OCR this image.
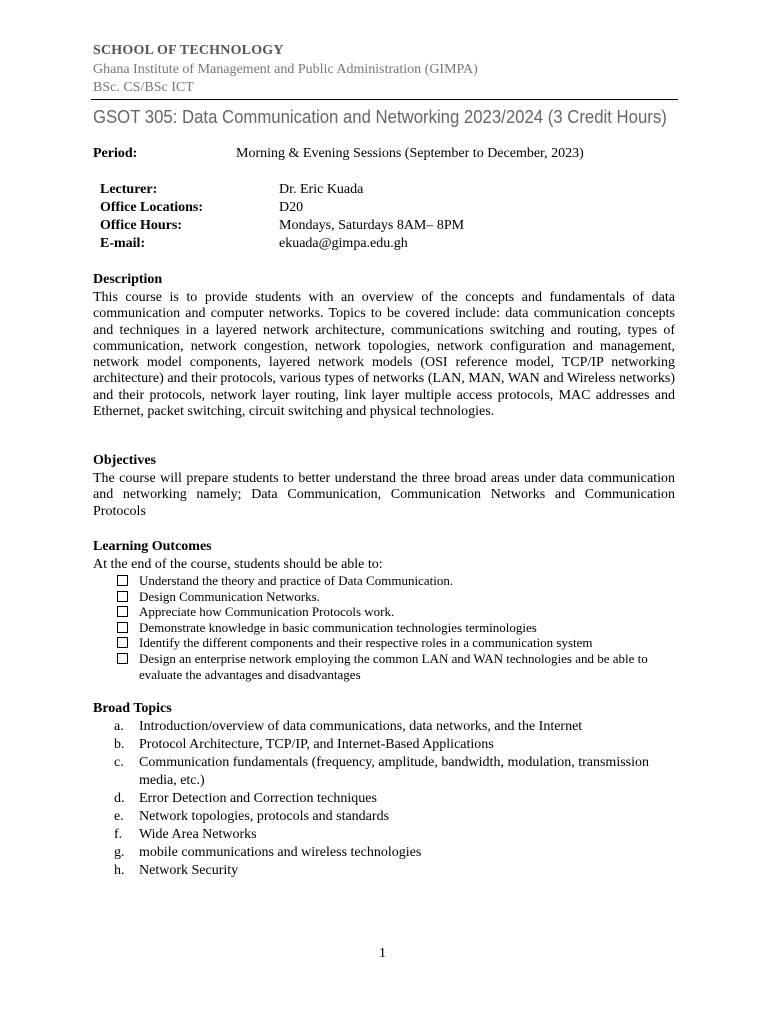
SCHOOL OF TECHNOLOGY
Ghana Institute of Management and Public Administration (GIMPA)
BSc. CS/BSc ICT
GSOT 305: Data Communication and Networking 2023/2024 (3 Credit Hours)
Period:	Morning & Evening Sessions (September to December, 2023)
Lecturer:	Dr. Eric Kuada
Office Locations:	D20
Office Hours:	Mondays, Saturdays 8AM– 8PM
E-mail:	ekuada@gimpa.edu.gh
Description
This course is to provide students with an overview of the concepts and fundamentals of data communication and computer networks. Topics to be covered include: data communication concepts and techniques in a layered network architecture, communications switching and routing, types of communication, network congestion, network topologies, network configuration and management, network model components, layered network models (OSI reference model, TCP/IP networking architecture) and their protocols, various types of networks (LAN, MAN, WAN and Wireless networks) and their protocols, network layer routing, link layer multiple access protocols, MAC addresses and Ethernet, packet switching, circuit switching and physical technologies.
Objectives
The course will prepare students to better understand the three broad areas under data communication and networking namely; Data Communication, Communication Networks and Communication Protocols
Learning Outcomes
At the end of the course, students should be able to:
Understand the theory and practice of Data Communication.
Design Communication Networks.
Appreciate how Communication Protocols work.
Demonstrate knowledge in basic communication technologies terminologies
Identify the different components and their respective roles in a communication system
Design an enterprise network employing the common LAN and WAN technologies and be able to evaluate the advantages and disadvantages
Broad Topics
a. Introduction/overview of data communications, data networks, and the Internet
b. Protocol Architecture, TCP/IP, and Internet-Based Applications
c. Communication fundamentals (frequency, amplitude, bandwidth, modulation, transmission media, etc.)
d. Error Detection and Correction techniques
e. Network topologies, protocols and standards
f. Wide Area Networks
g. mobile communications and wireless technologies
h. Network Security
1
